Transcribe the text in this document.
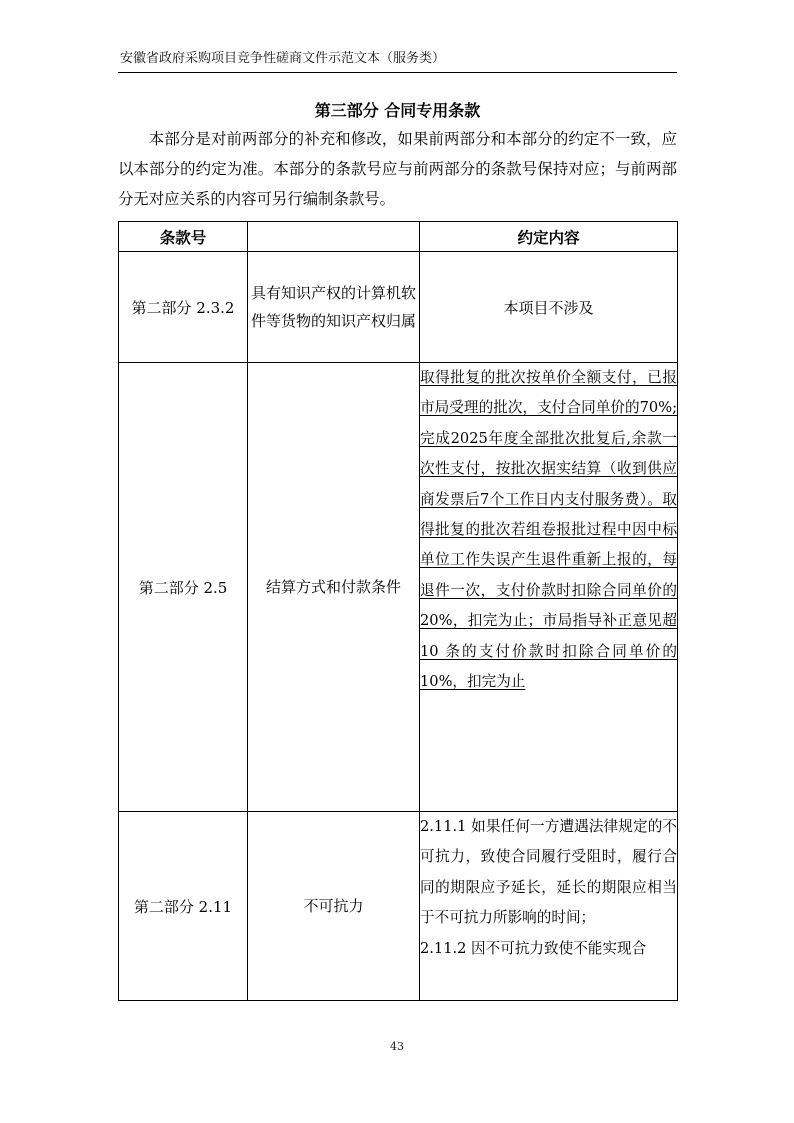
安徽省政府采购项目竞争性磋商文件示范文本（服务类）
第三部分 合同专用条款
本部分是对前两部分的补充和修改，如果前两部分和本部分的约定不一致，应以本部分的约定为准。本部分的条款号应与前两部分的条款号保持对应；与前两部分无对应关系的内容可另行编制条款号。
条款号		约定内容
第二部分 2.3.2	具有知识产权的计算机软件等货物的知识产权归属	本项目不涉及
第二部分 2.5	结算方式和付款条件	取得批复的批次按单价全额支付，已报市局受理的批次，支付合同单价的70%;完成2025年度全部批次批复后,余款一次性支付，按批次据实结算（收到供应商发票后7个工作日内支付服务费）。取得批复的批次若组卷报批过程中因中标单位工作失误产生退件重新上报的，每退件一次，支付价款时扣除合同单价的 20%，扣完为止；市局指导补正意见超 10 条的支付价款时扣除合同单价的 10%，扣完为止
第二部分 2.11	不可抗力	2.11.1 如果任何一方遭遇法律规定的不可抗力，致使合同履行受阻时，履行合同的期限应予延长，延长的期限应相当于不可抗力所影响的时间；
2.11.2 因不可抗力致使不能实现合
43
